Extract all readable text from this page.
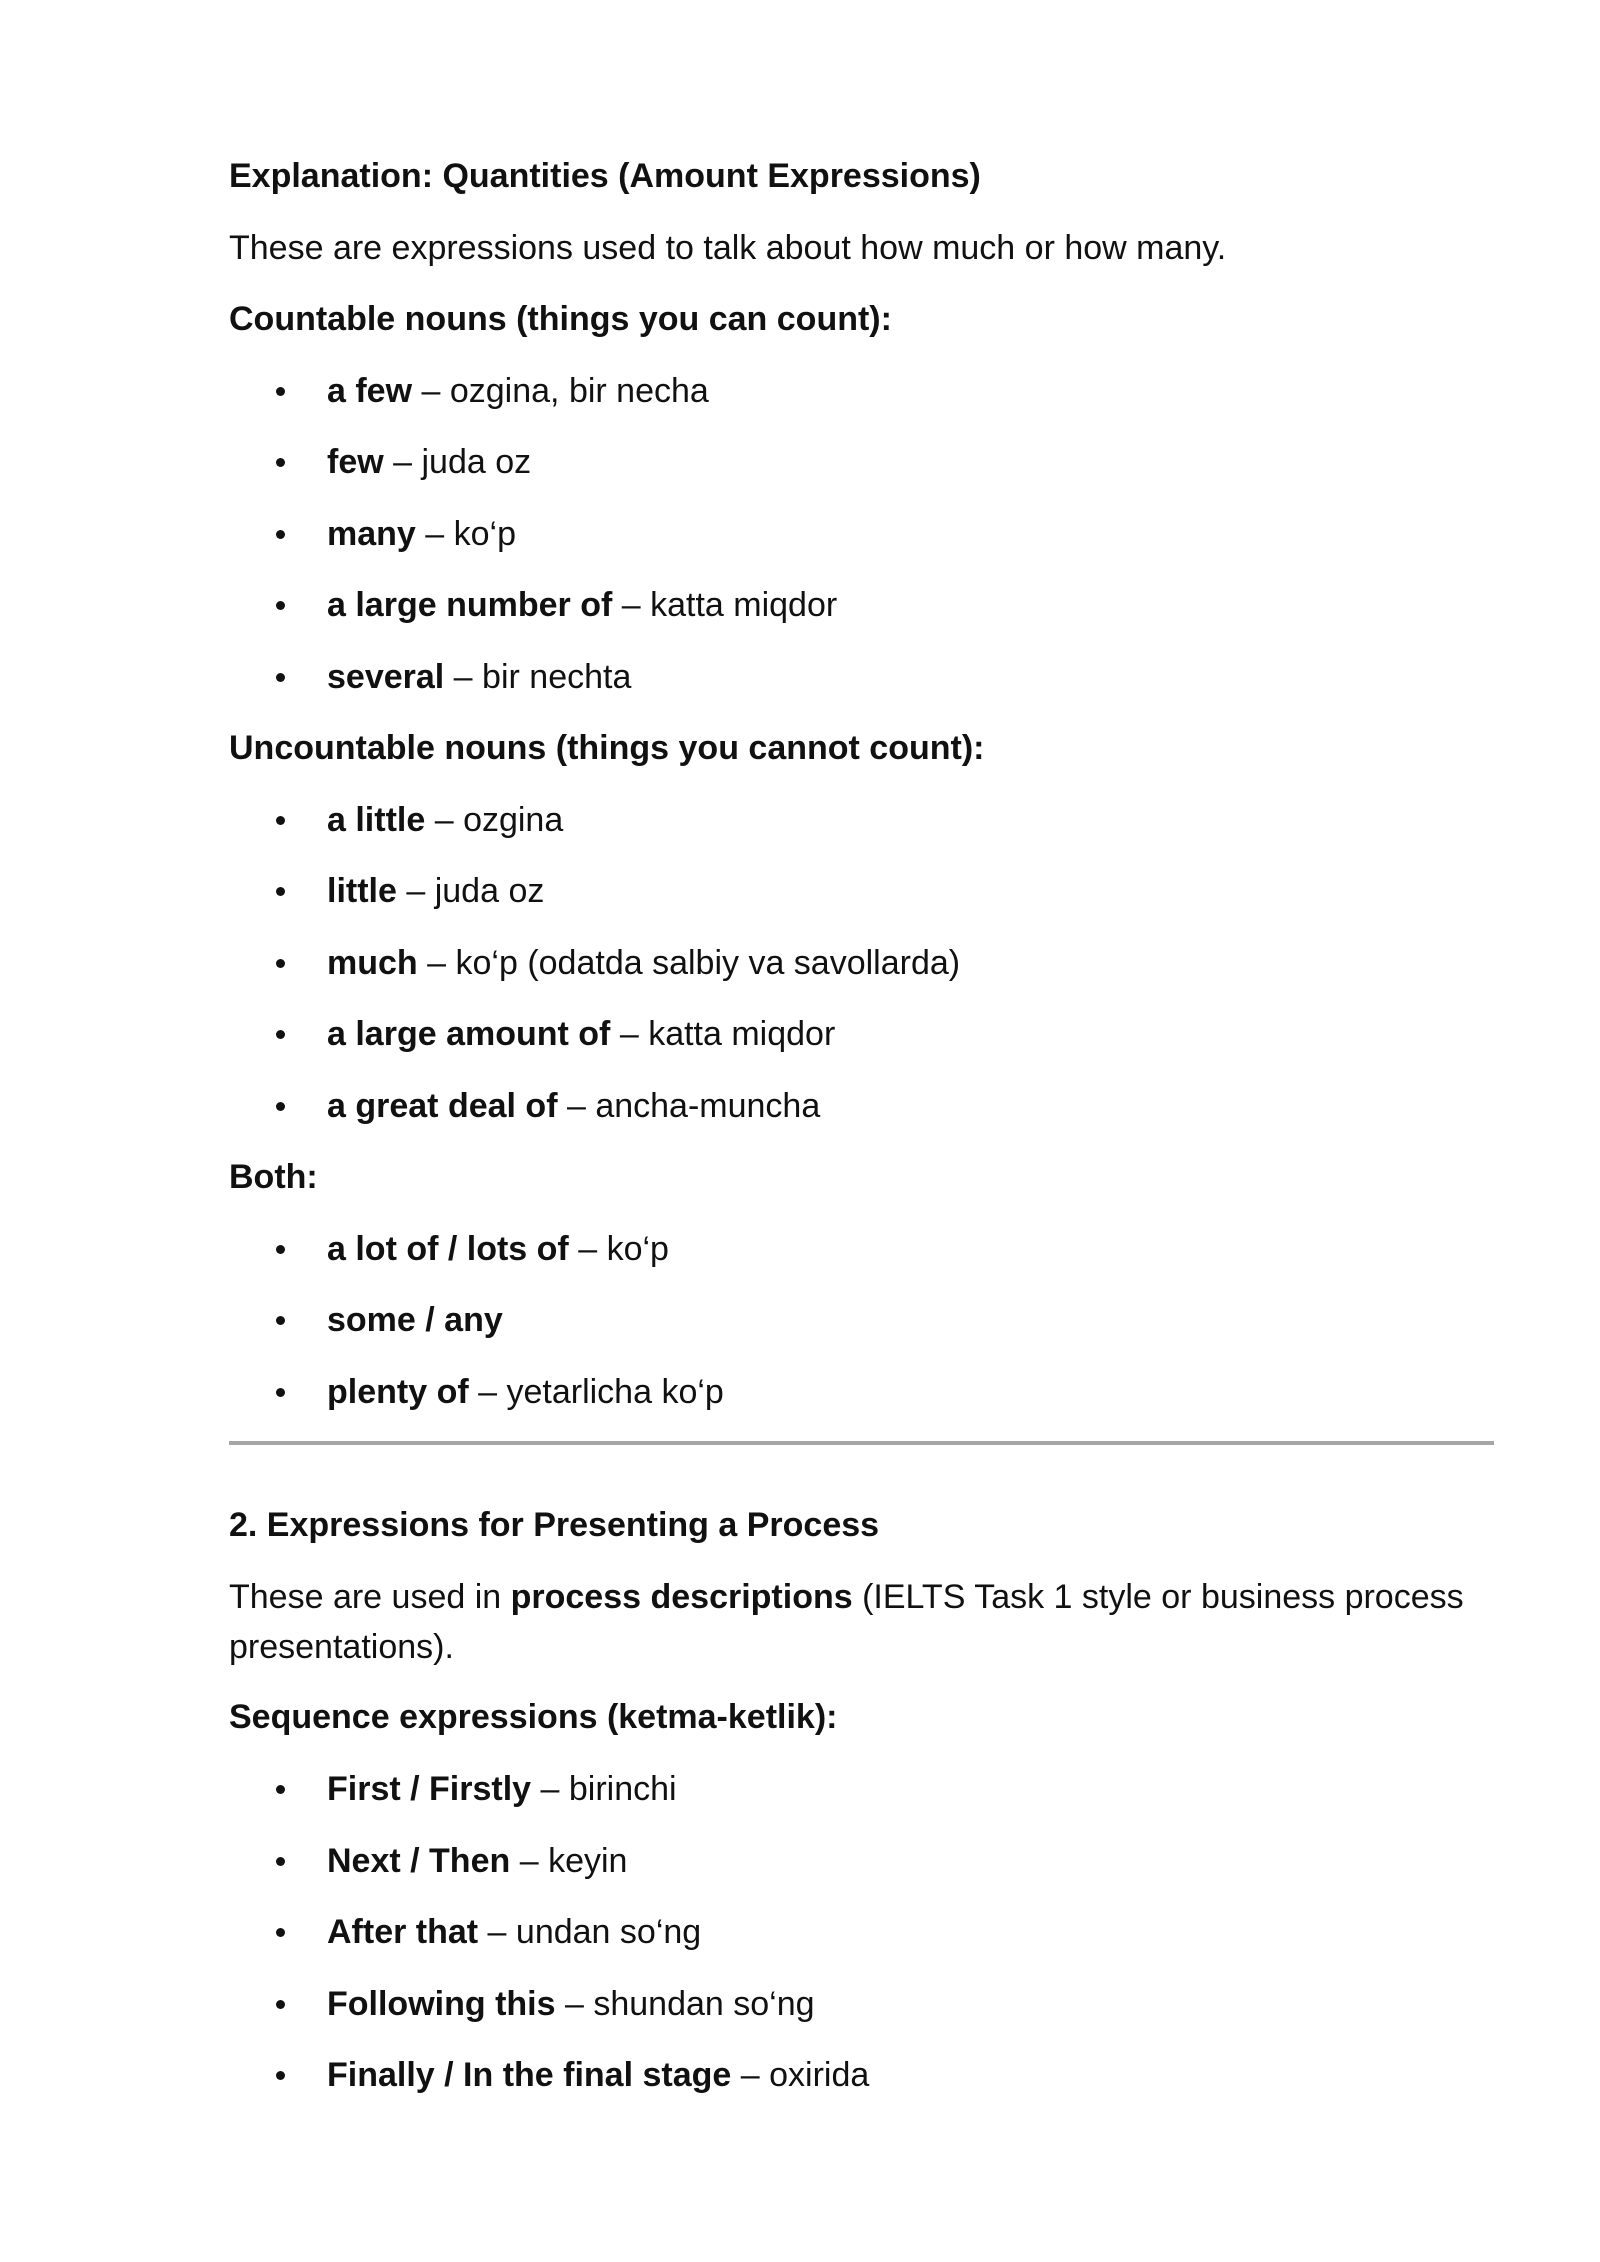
Explanation: Quantities (Amount Expressions)
These are expressions used to talk about how much or how many.
Countable nouns (things you can count):
a few – ozgina, bir necha
few – juda oz
many – ko‘p
a large number of – katta miqdor
several – bir nechta
Uncountable nouns (things you cannot count):
a little – ozgina
little – juda oz
much – ko‘p (odatda salbiy va savollarda)
a large amount of – katta miqdor
a great deal of – ancha-muncha
Both:
a lot of / lots of – ko‘p
some / any
plenty of – yetarlicha ko‘p
2. Expressions for Presenting a Process
These are used in process descriptions (IELTS Task 1 style or business process presentations).
Sequence expressions (ketma-ketlik):
First / Firstly – birinchi
Next / Then – keyin
After that – undan so‘ng
Following this – shundan so‘ng
Finally / In the final stage – oxirida
